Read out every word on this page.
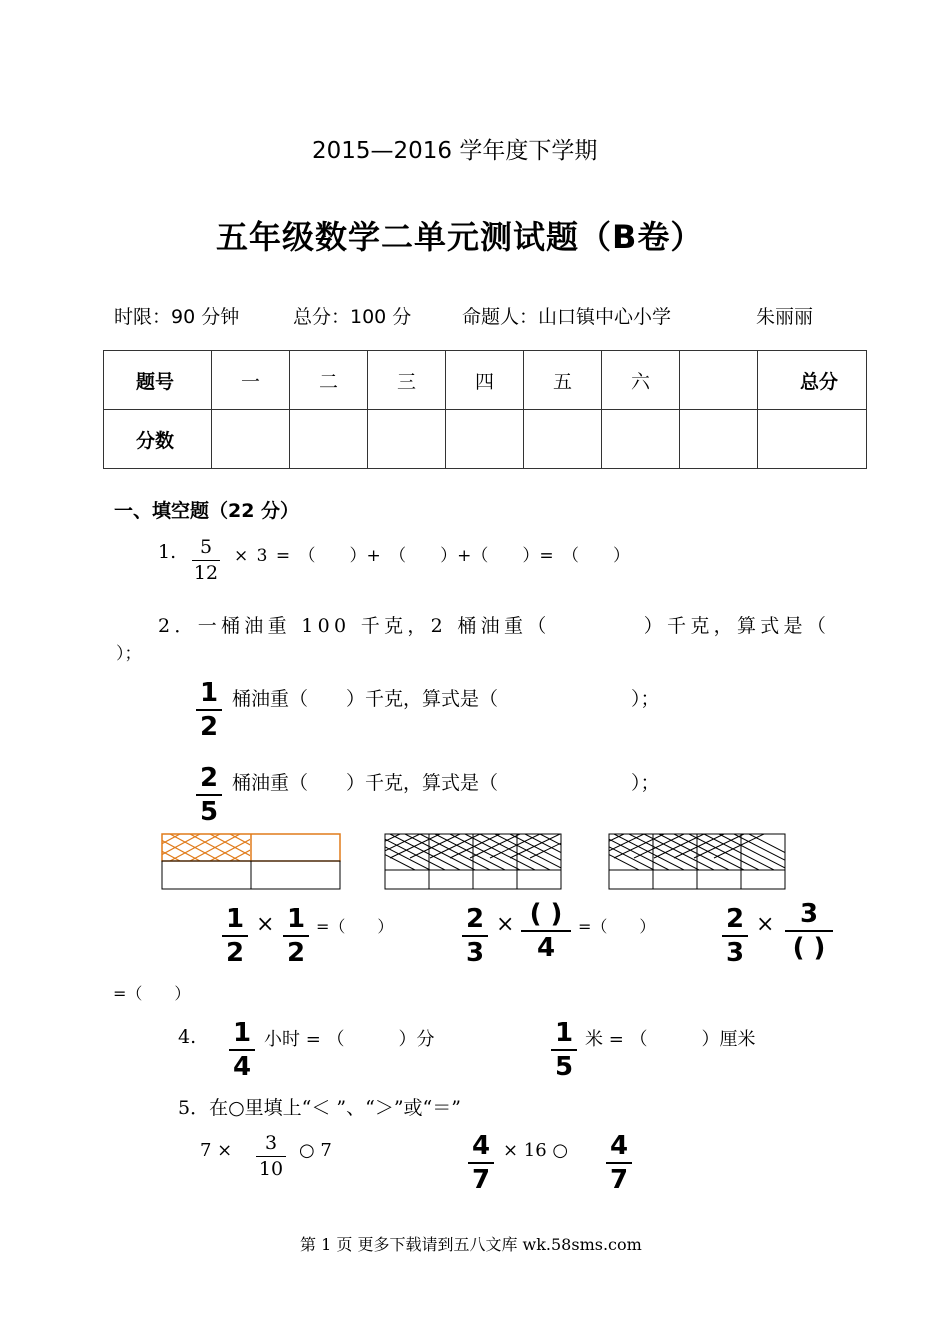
2015—2016 学年度下学期
五年级数学二单元测试题（B卷）
时限：90 分钟	总分：100 分	命题人：山口镇中心小学	朱丽丽
题号	一	二	三	四	五	六		总分
分数								
一、填空题（22 分）
1.	5
12
× 3 = （　　）+ （　　）+（　　）= （　　）
2．一桶油重 100 千克，2 桶油重（　　　　）千克，算式是（
）；
1
2
桶油重（　　）千克，算式是（　　　　　　　）；
2
5
桶油重（　　）千克，算式是（　　　　　　　）；
1
2
× 1
2
=（　　）	2
3
× ( )
4
=（　　）	2
3
× 3
( )
=（　　）
4. 1
4
小时 = （　　　）分	1
5
米 = （　　　）厘米
5．在○里填上“＜ ”、“＞”或“＝”
7 ×	3
10
○ 7	4
7
× 16 ○ 4
7
第 1 页 更多下载请到五八文库 wk.58sms.com
